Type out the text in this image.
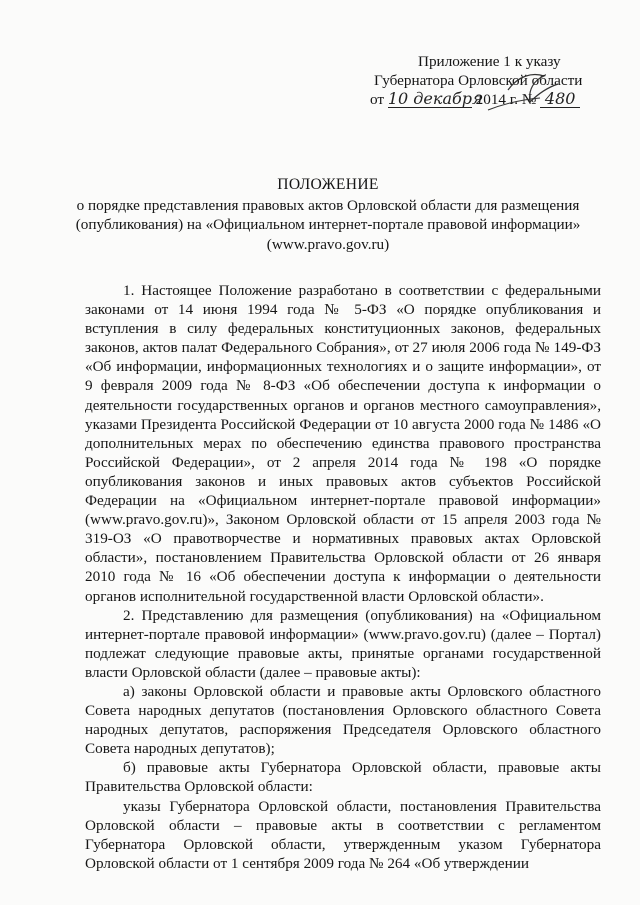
Приложение 1 к указу
Губернатора Орловской области
от 10 декабря 2014 г. № 480
ПОЛОЖЕНИЕ
о порядке представления правовых актов Орловской области для размещения (опубликования) на «Официальном интернет-портале правовой информации» (www.pravo.gov.ru)

1. Настоящее Положение разработано в соответствии с федеральными законами от 14 июня 1994 года № 5-ФЗ «О порядке опубликования и вступления в силу федеральных конституционных законов, федеральных законов, актов палат Федерального Собрания», от 27 июля 2006 года № 149-ФЗ «Об информации, информационных технологиях и о защите информации», от 9 февраля 2009 года № 8-ФЗ «Об обеспечении доступа к информации о деятельности государственных органов и органов местного самоуправления», указами Президента Российской Федерации от 10 августа 2000 года № 1486 «О дополнительных мерах по обеспечению единства правового пространства Российской Федерации», от 2 апреля 2014 года № 198 «О порядке опубликования законов и иных правовых актов субъектов Российской Федерации на «Официальном интернет-портале правовой информации» (www.pravo.gov.ru)», Законом Орловской области от 15 апреля 2003 года № 319-ОЗ «О правотворчестве и нормативных правовых актах Орловской области», постановлением Правительства Орловской области от 26 января 2010 года № 16 «Об обеспечении доступа к информации о деятельности органов исполнительной государственной власти Орловской области».

2. Представлению для размещения (опубликования) на «Официальном интернет-портале правовой информации» (www.pravo.gov.ru) (далее – Портал) подлежат следующие правовые акты, принятые органами государственной власти Орловской области (далее – правовые акты):

а) законы Орловской области и правовые акты Орловского областного Совета народных депутатов (постановления Орловского областного Совета народных депутатов, распоряжения Председателя Орловского областного Совета народных депутатов);

б) правовые акты Губернатора Орловской области, правовые акты Правительства Орловской области:

указы Губернатора Орловской области, постановления Правительства Орловской области – правовые акты в соответствии с регламентом Губернатора Орловской области, утвержденным указом Губернатора Орловской области от 1 сентября 2009 года № 264 «Об утверждении
